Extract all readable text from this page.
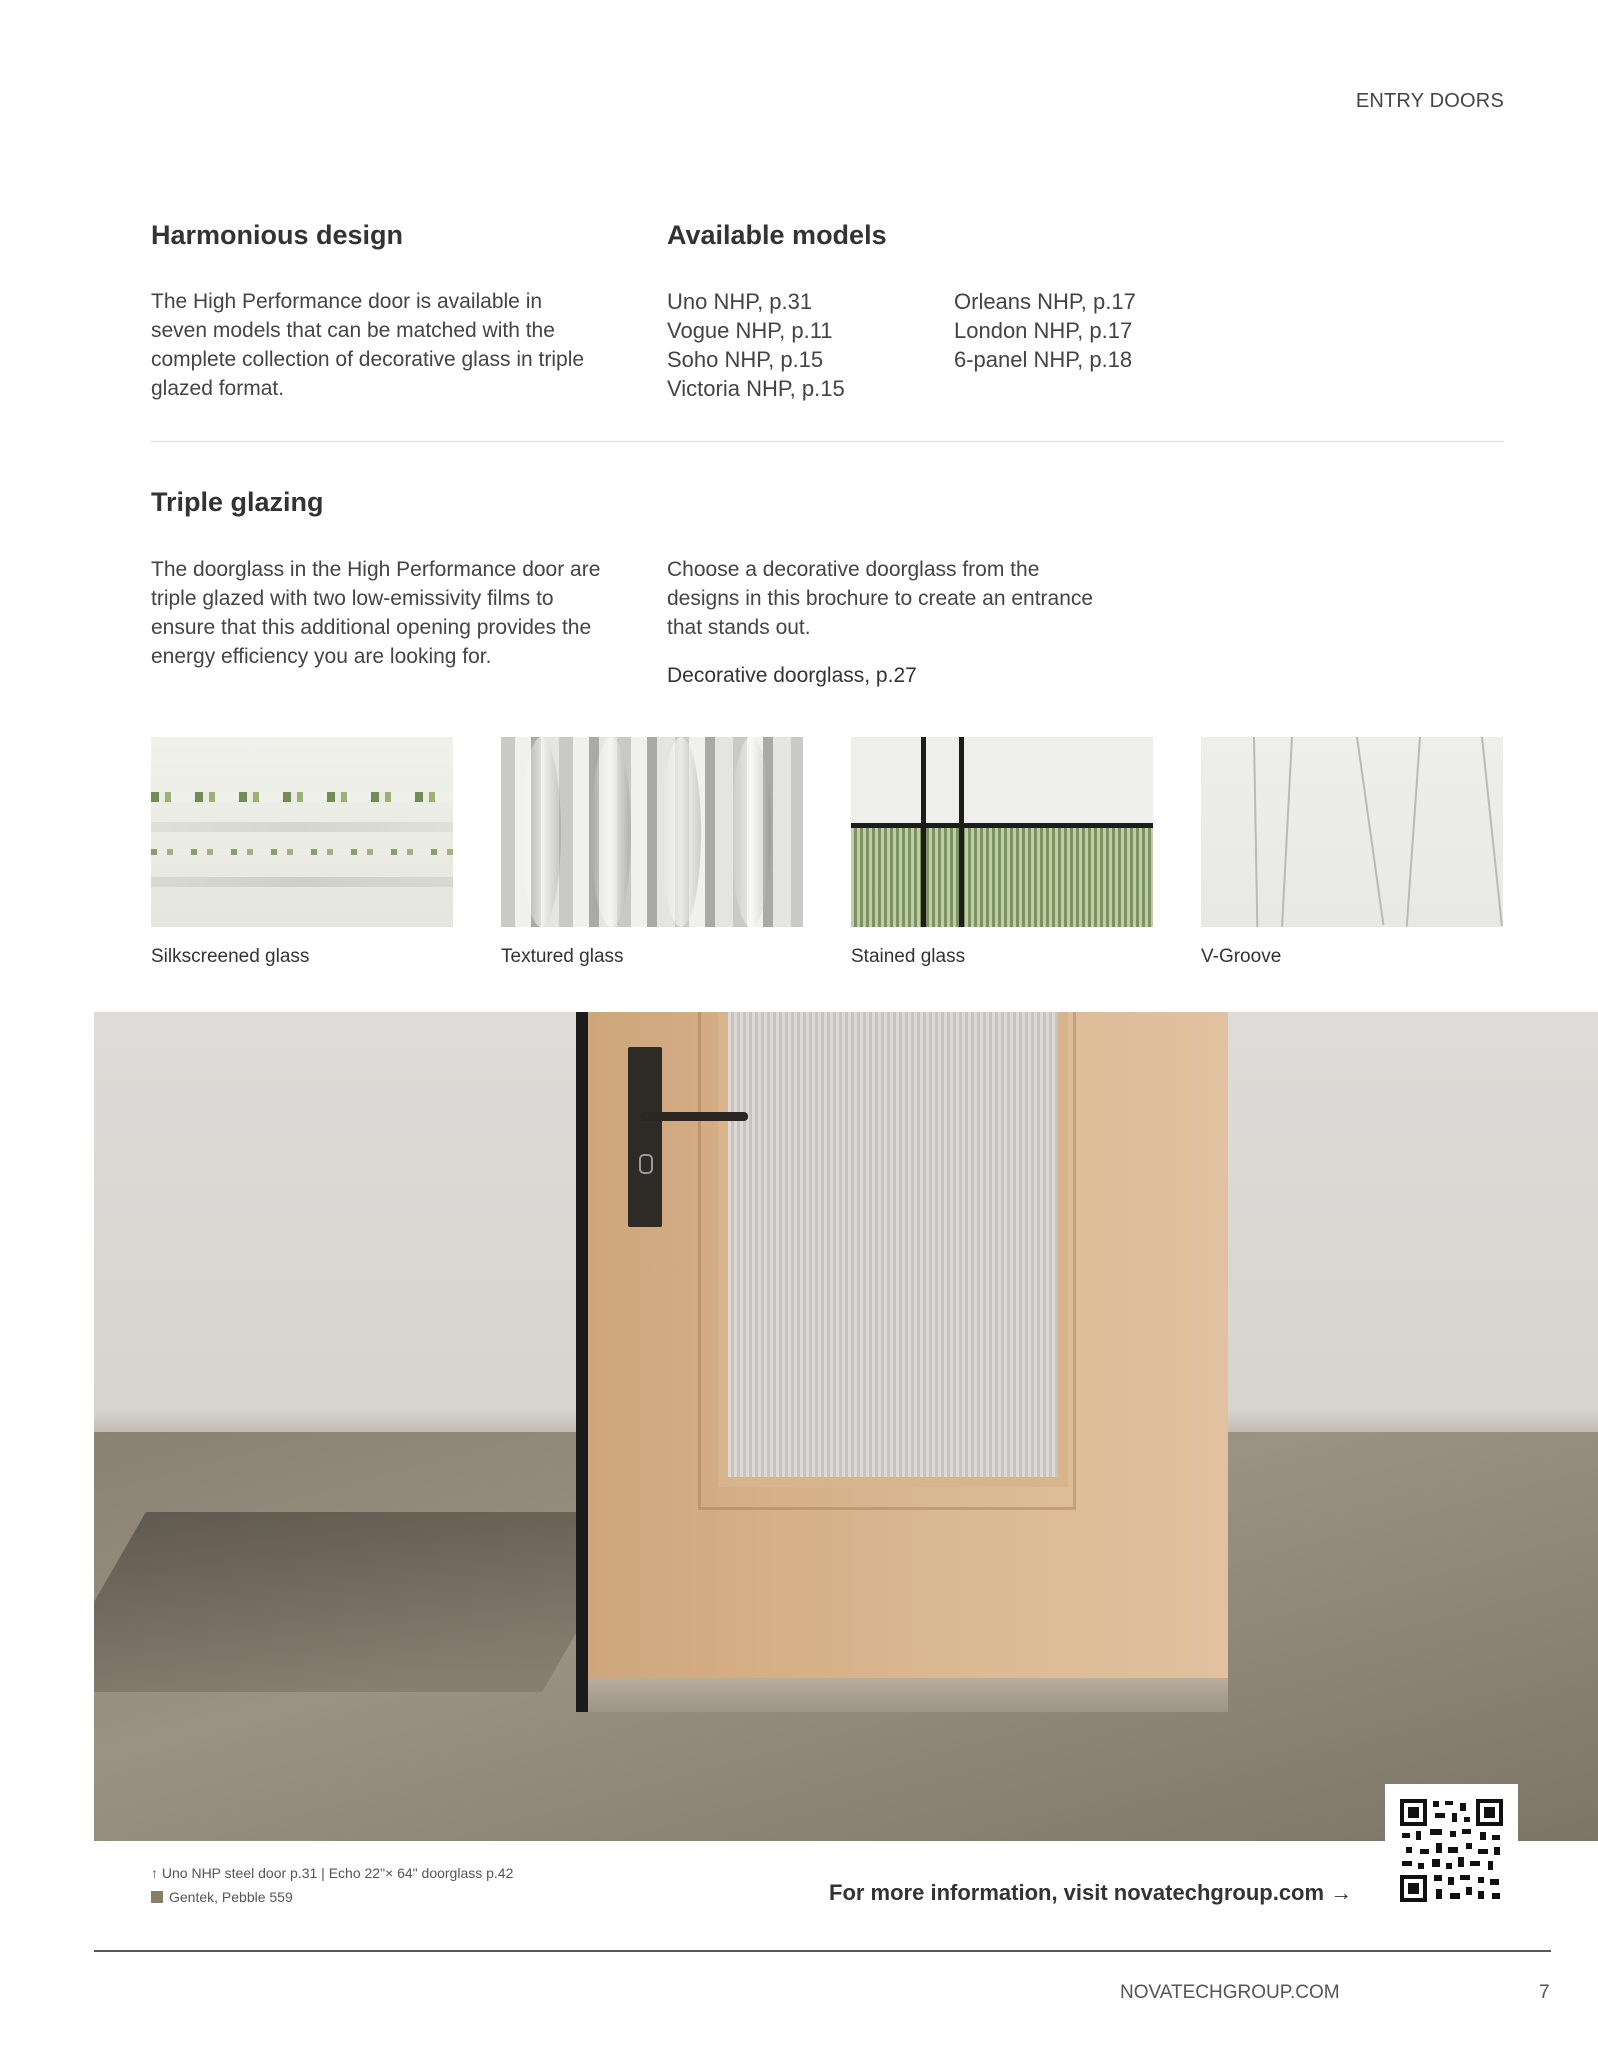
ENTRY DOORS
Harmonious design

The High Performance door is available in seven models that can be matched with the complete collection of decorative glass in triple glazed format.

Available models
Uno NHP, p.31
Vogue NHP, p.11
Soho NHP, p.15
Victoria NHP, p.15
Orleans NHP, p.17
London NHP, p.17
6-panel NHP, p.18
Triple glazing

The doorglass in the High Performance door are triple glazed with two low-emissivity films to ensure that this additional opening provides the energy efficiency you are looking for.

Choose a decorative doorglass from the designs in this brochure to create an entrance that stands out.

Decorative doorglass, p.27
Silkscreened glass	Textured glass	Stained glass	V-Groove
↑ Uno NHP steel door p.31 | Echo 22"× 64" doorglass p.42
Gentek, Pebble 559	For more information, visit novatechgroup.com →
NOVATECHGROUP.COM	7
